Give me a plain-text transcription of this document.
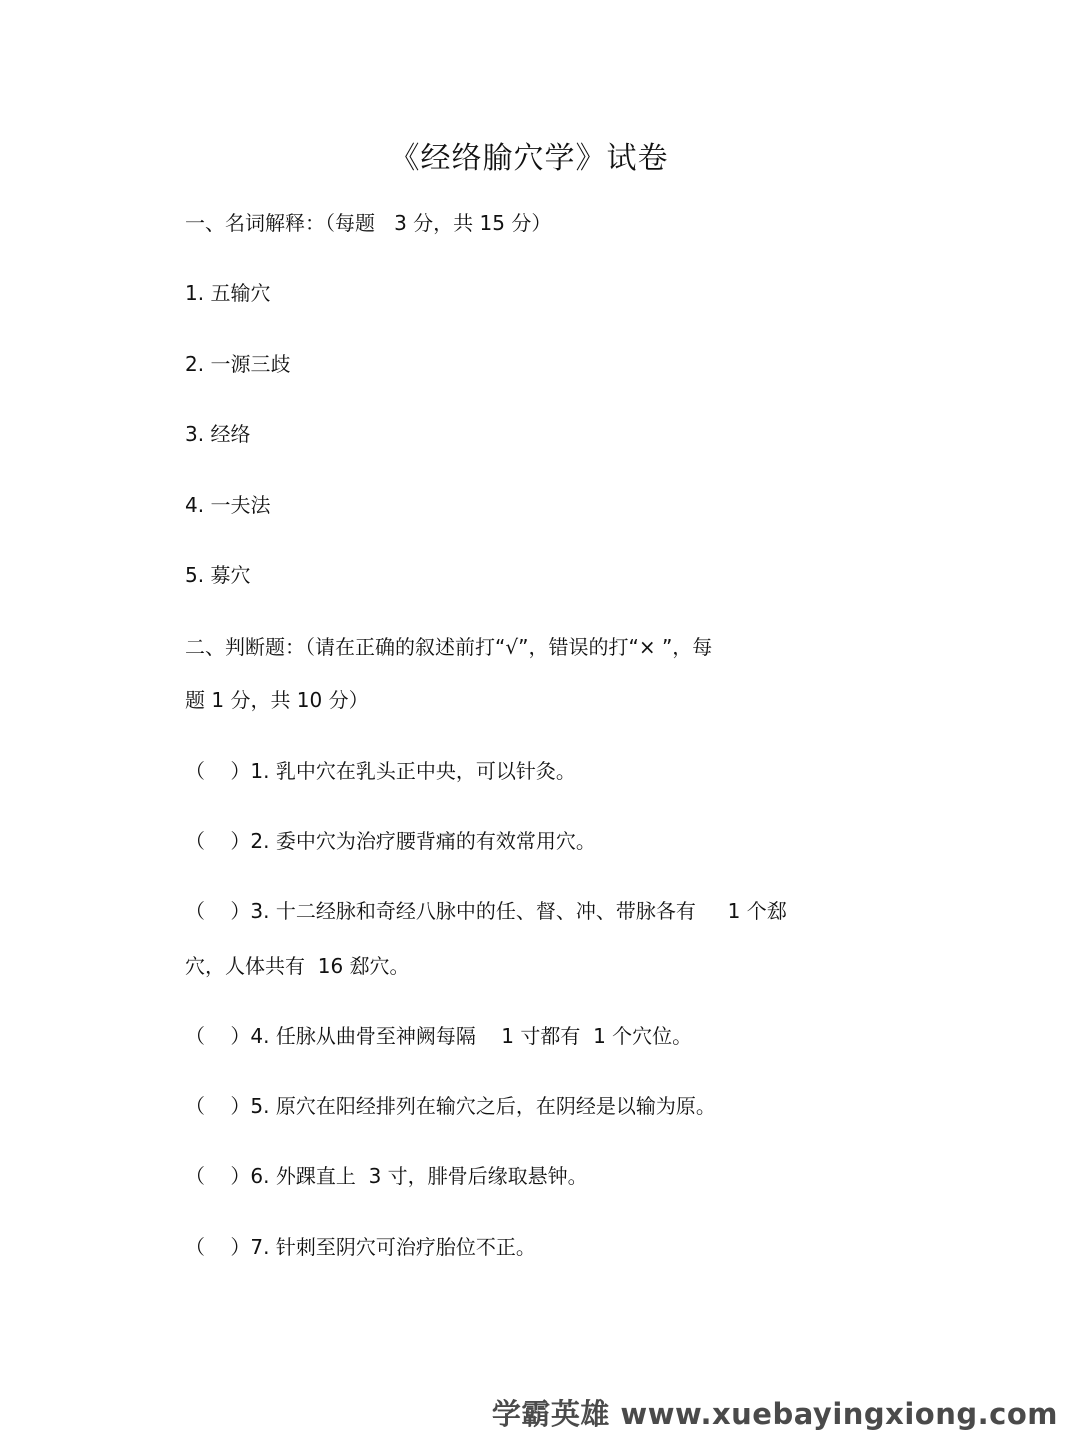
《经络腧穴学》试卷
一、名词解释：（每题   3 分，共 15 分）
1. 五输穴
2. 一源三歧
3. 经络
4. 一夫法
5. 募穴
二、判断题：（请在正确的叙述前打“√”，错误的打“× ”，每
题 1 分，共 10 分）
（    ）1. 乳中穴在乳头正中央，可以针灸。
（    ）2. 委中穴为治疗腰背痛的有效常用穴。
（    ）3. 十二经脉和奇经八脉中的任、督、冲、带脉各有     1 个郄
穴，人体共有  16 郄穴。
（    ）4. 任脉从曲骨至神阙每隔    1 寸都有  1 个穴位。
（    ）5. 原穴在阳经排列在输穴之后，在阴经是以输为原。
（    ）6. 外踝直上  3 寸，腓骨后缘取悬钟。
（    ）7. 针刺至阴穴可治疗胎位不正。
学霸英雄 www.xuebayingxiong.com
